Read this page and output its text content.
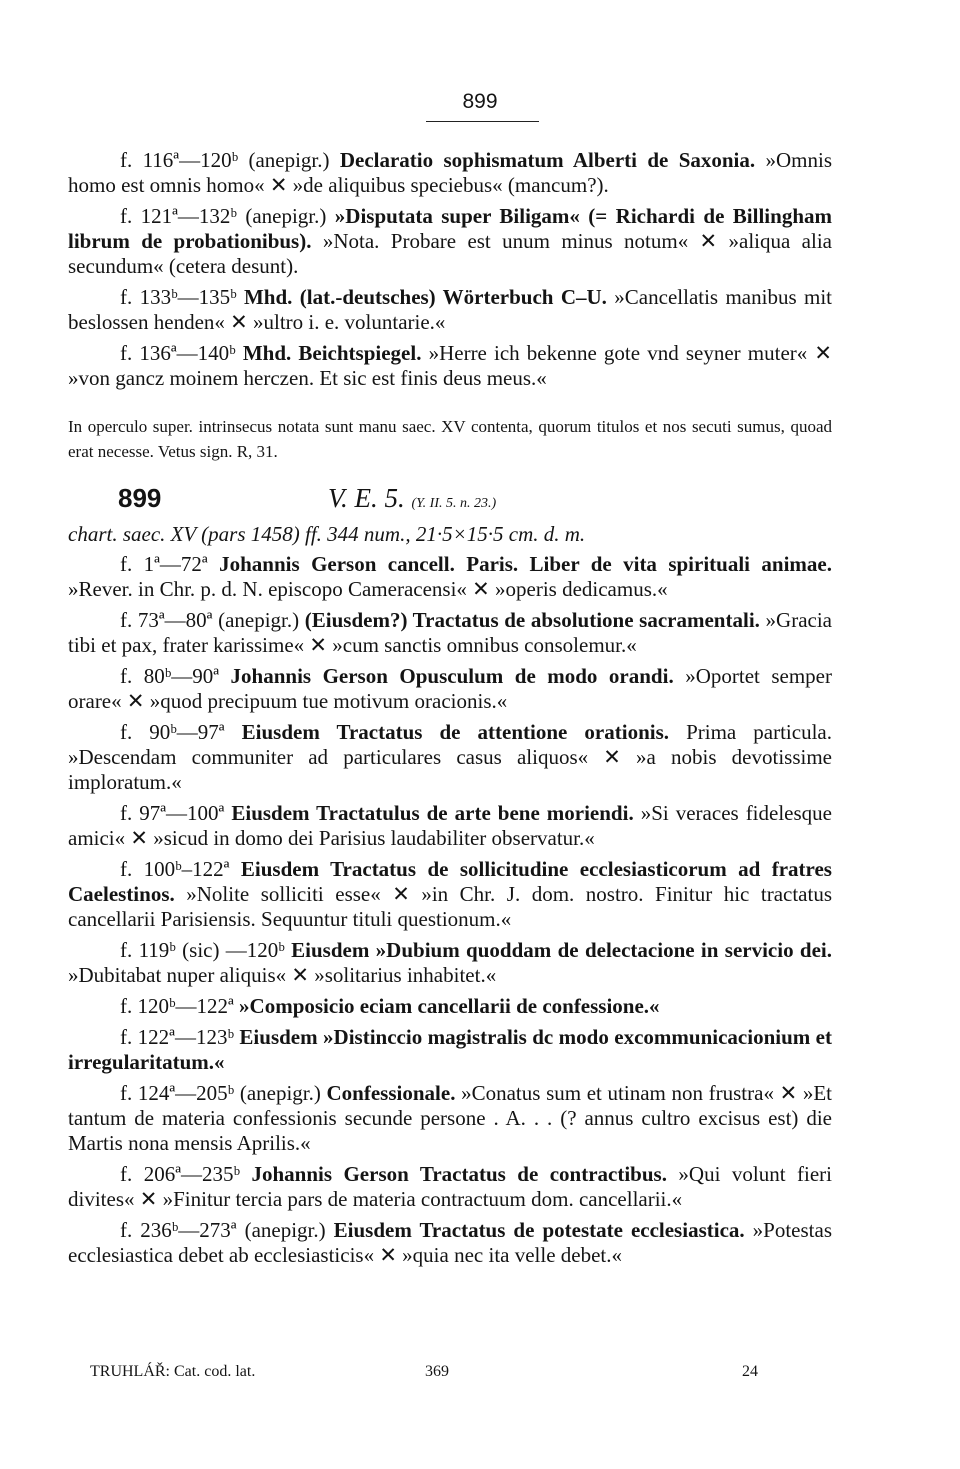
899

f. 116ª—120ᵇ (anepigr.) Declaratio sophismatum Alberti de Saxonia. »Omnis homo est omnis homo« ✕ »de aliquibus speciebus« (mancum?).

f. 121ª—132ᵇ (anepigr.) »Disputata super Biligam« (= Richardi de Billingham librum de probationibus). »Nota. Probare est unum minus notum« ✕ »aliqua alia secundum« (cetera desunt).

f. 133ᵇ—135ᵇ Mhd. (lat.-deutsches) Wörterbuch C–U. »Cancellatis manibus mit beslossen henden« ✕ »ultro i. e. voluntarie.«

f. 136ª—140ᵇ Mhd. Beichtspiegel. »Herre ich bekenne gote vnd seyner muter« ✕ »von gancz moinem herczen. Et sic est finis deus meus.«

In operculo super. intrinsecus notata sunt manu saec. XV contenta, quorum titulos et nos secuti sumus, quoad erat necesse. Vetus sign. R, 31.

899	V. E. 5. (Y. II. 5. n. 23.)
chart. saec. XV (pars 1458) ff. 344 num., 21·5×15·5 cm. d. m.

f. 1ª—72ª Johannis Gerson cancell. Paris. Liber de vita spirituali animae. »Rever. in Chr. p. d. N. episcopo Cameracensi« ✕ »operis dedicamus.«

f. 73ª—80ª (anepigr.) (Eiusdem?) Tractatus de absolutione sacramentali. »Gracia tibi et pax, frater karissime« ✕ »cum sanctis omnibus consolemur.«

f. 80ᵇ—90ª Johannis Gerson Opusculum de modo orandi. »Oportet semper orare« ✕ »quod precipuum tue motivum oracionis.«

f. 90ᵇ—97ª Eiusdem Tractatus de attentione orationis. Prima particula. »Descendam communiter ad particulares casus aliquos« ✕ »a nobis devotissime imploratum.«

f. 97ª—100ª Eiusdem Tractatulus de arte bene moriendi. »Si veraces fidelesque amici« ✕ »sicud in domo dei Parisius laudabiliter observatur.«

f. 100ᵇ–122ª Eiusdem Tractatus de sollicitudine ecclesiasticorum ad fratres Caelestinos. »Nolite solliciti esse« ✕ »in Chr. J. dom. nostro. Finitur hic tractatus cancellarii Parisiensis. Sequuntur tituli questionum.«

f. 119ᵇ (sic) —120ᵇ Eiusdem »Dubium quoddam de delectacione in servicio dei. »Dubitabat nuper aliquis« ✕ »solitarius inhabitet.«

f. 120ᵇ—122ª »Composicio eciam cancellarii de confessione.«

f. 122ª—123ᵇ Eiusdem »Distinccio magistralis dc modo excommunicacionium et irregularitatum.«

f. 124ª—205ᵇ (anepigr.) Confessionale. »Conatus sum et utinam non frustra« ✕ »Et tantum de materia confessionis secunde persone . A. . . (? annus cultro excisus est) die Martis nona mensis Aprilis.«

f. 206ª—235ᵇ Johannis Gerson Tractatus de contractibus. »Qui volunt fieri divites« ✕ »Finitur tercia pars de materia contractuum dom. cancellarii.«

f. 236ᵇ—273ª (anepigr.) Eiusdem Tractatus de potestate ecclesiastica. »Potestas ecclesiastica debet ab ecclesiasticis« ✕ »quia nec ita velle debet.«

TRUHLÁŘ: Cat. cod. lat.	369	24
